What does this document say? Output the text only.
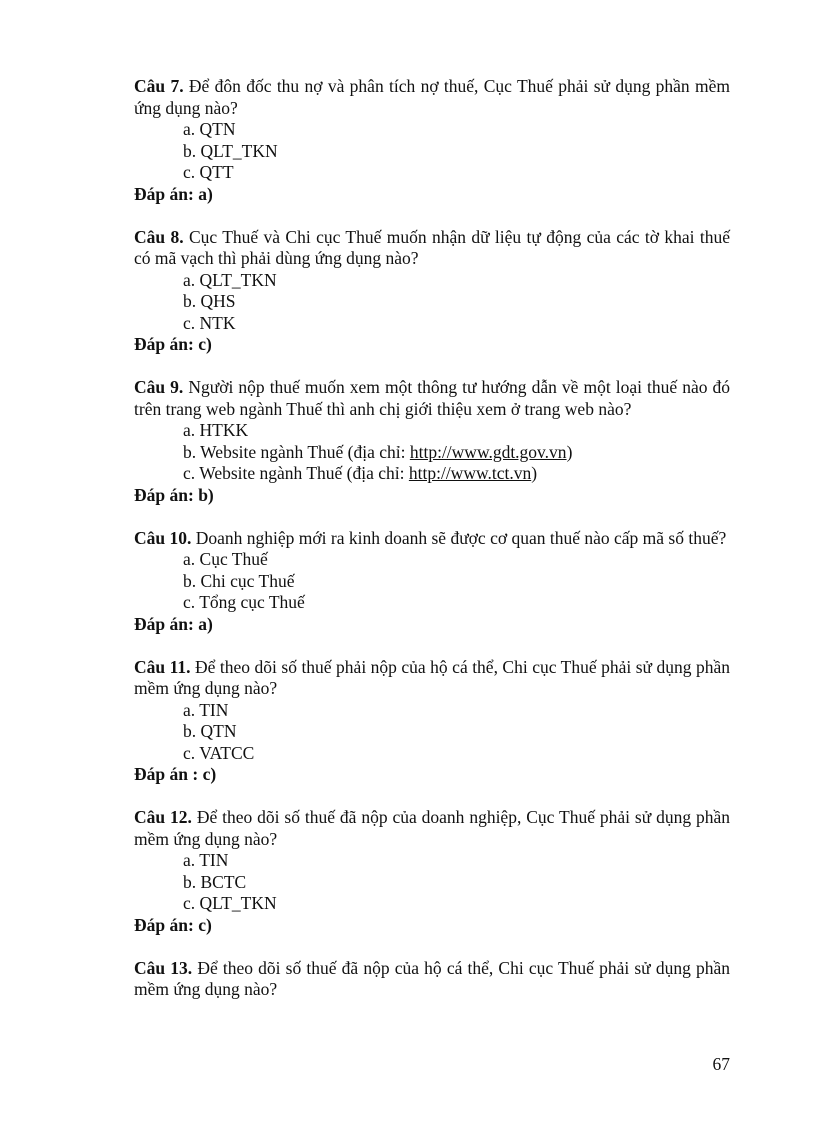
Câu 7. Để đôn đốc thu nợ và phân tích nợ thuế, Cục Thuế phải sử dụng phần mềm ứng dụng nào?
a. QTN
b. QLT_TKN
c. QTT
Đáp án: a)
Câu 8. Cục Thuế và Chi cục Thuế muốn nhận dữ liệu tự động của các tờ khai thuế có mã vạch thì phải dùng ứng dụng nào?
a. QLT_TKN
b. QHS
c. NTK
Đáp án: c)
Câu 9. Người nộp thuế muốn xem một thông tư hướng dẫn về một loại thuế nào đó trên trang web ngành Thuế thì anh chị giới thiệu xem ở trang web nào?
a. HTKK
b. Website ngành Thuế (địa chỉ: http://www.gdt.gov.vn)
c. Website ngành Thuế (địa chỉ: http://www.tct.vn)
Đáp án: b)
Câu 10. Doanh nghiệp mới ra kinh doanh sẽ được cơ quan thuế nào cấp mã số thuế?
a. Cục Thuế
b. Chi cục Thuế
c. Tổng cục Thuế
Đáp án: a)
Câu 11. Để theo dõi số thuế phải nộp của hộ cá thể, Chi cục Thuế phải sử dụng phần mềm ứng dụng nào?
a. TIN
b. QTN
c. VATCC
Đáp án : c)
Câu 12. Để theo dõi số thuế đã nộp của doanh nghiệp, Cục Thuế phải sử dụng phần mềm ứng dụng nào?
a. TIN
b. BCTC
c. QLT_TKN
Đáp án: c)
Câu 13. Để theo dõi số thuế đã nộp của hộ cá thể, Chi cục Thuế phải sử dụng phần mềm ứng dụng nào?
67
